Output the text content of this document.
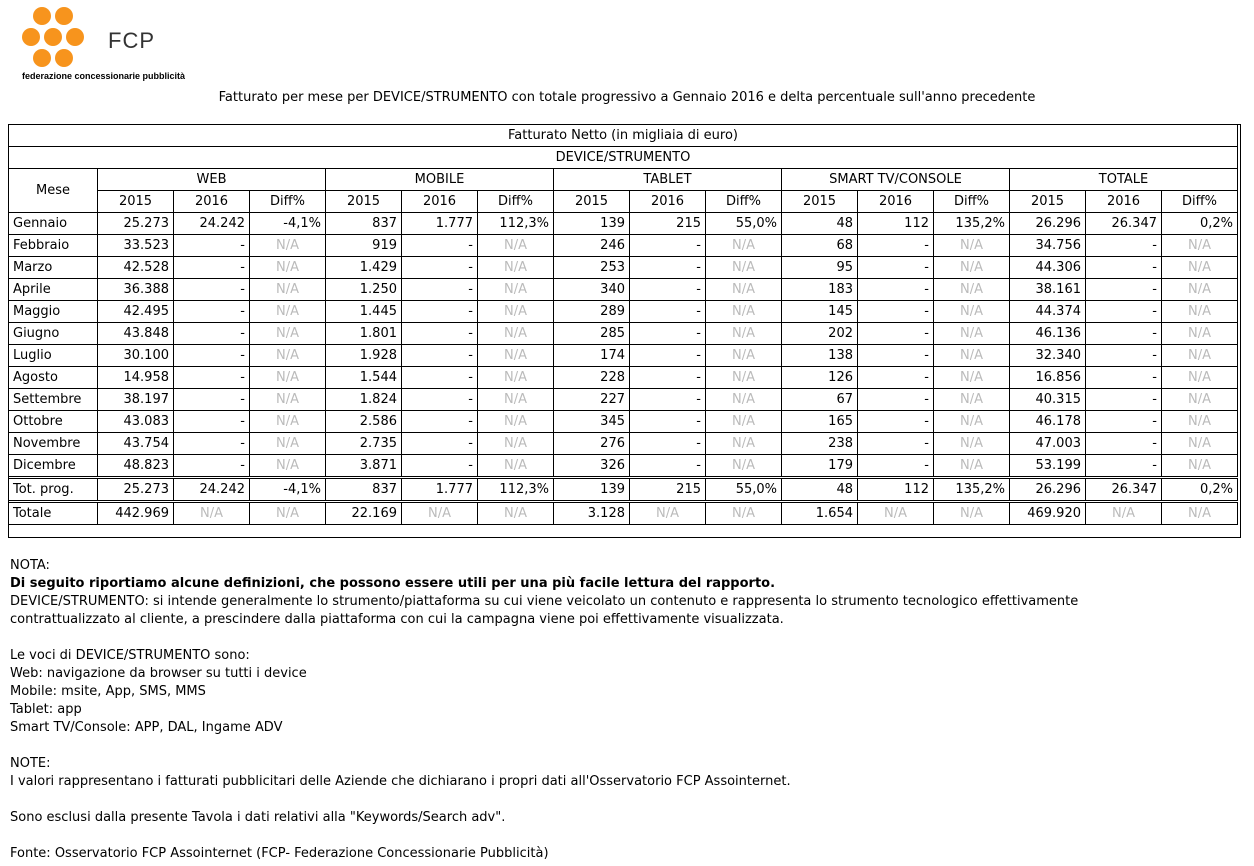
FCP
federazione concessionarie pubblicità
Fatturato per mese per DEVICE/STRUMENTO con totale progressivo a Gennaio 2016 e delta percentuale sull'anno precedente
Fatturato Netto (in migliaia di euro)															
DEVICE/STRUMENTO															
Mese	WEB			MOBILE			TABLET			SMART TV/CONSOLE			TOTALE		
	2015	2016	Diff%	2015	2016	Diff%	2015	2016	Diff%	2015	2016	Diff%	2015	2016	Diff%
Gennaio	25.273	24.242	-4,1%	837	1.777	112,3%	139	215	55,0%	48	112	135,2%	26.296	26.347	0,2%
Febbraio	33.523	-	N/A	919	-	N/A	246	-	N/A	68	-	N/A	34.756	-	N/A
Marzo	42.528	-	N/A	1.429	-	N/A	253	-	N/A	95	-	N/A	44.306	-	N/A
Aprile	36.388	-	N/A	1.250	-	N/A	340	-	N/A	183	-	N/A	38.161	-	N/A
Maggio	42.495	-	N/A	1.445	-	N/A	289	-	N/A	145	-	N/A	44.374	-	N/A
Giugno	43.848	-	N/A	1.801	-	N/A	285	-	N/A	202	-	N/A	46.136	-	N/A
Luglio	30.100	-	N/A	1.928	-	N/A	174	-	N/A	138	-	N/A	32.340	-	N/A
Agosto	14.958	-	N/A	1.544	-	N/A	228	-	N/A	126	-	N/A	16.856	-	N/A
Settembre	38.197	-	N/A	1.824	-	N/A	227	-	N/A	67	-	N/A	40.315	-	N/A
Ottobre	43.083	-	N/A	2.586	-	N/A	345	-	N/A	165	-	N/A	46.178	-	N/A
Novembre	43.754	-	N/A	2.735	-	N/A	276	-	N/A	238	-	N/A	47.003	-	N/A
Dicembre	48.823	-	N/A	3.871	-	N/A	326	-	N/A	179	-	N/A	53.199	-	N/A
Tot. prog.	25.273	24.242	-4,1%	837	1.777	112,3%	139	215	55,0%	48	112	135,2%	26.296	26.347	0,2%
Totale	442.969	N/A	N/A	22.169	N/A	N/A	3.128	N/A	N/A	1.654	N/A	N/A	469.920	N/A	N/A
NOTA:
Di seguito riportiamo alcune definizioni, che possono essere utili per una più facile lettura del rapporto.
DEVICE/STRUMENTO: si intende generalmente lo strumento/piattaforma su cui viene veicolato un contenuto e rappresenta lo strumento tecnologico effettivamente
contrattualizzato al cliente, a prescindere dalla piattaforma con cui la campagna viene poi effettivamente visualizzata.
Le voci di DEVICE/STRUMENTO sono:
Web: navigazione da browser su tutti i device
Mobile: msite, App, SMS, MMS
Tablet: app
Smart TV/Console: APP, DAL, Ingame ADV
NOTE:
I valori rappresentano i fatturati pubblicitari delle Aziende che dichiarano i propri dati all'Osservatorio FCP Assointernet.
Sono esclusi dalla presente Tavola i dati relativi alla "Keywords/Search adv".
Fonte: Osservatorio FCP Assointernet (FCP- Federazione Concessionarie Pubblicità)
